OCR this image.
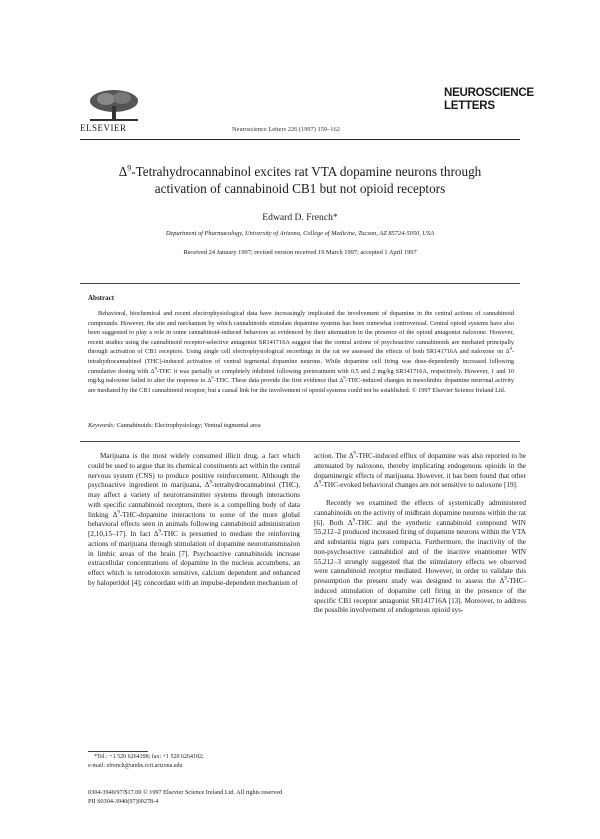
ELSEVIER	Neuroscience Letters 226 (1997) 159–162
NEUROSCIENCE
LETTERS
$\Delta^9$-Tetrahydrocannabinol excites rat VTA dopamine neurons through
activation of cannabinoid CB1 but not opioid receptors
Edward D. French*
Department of Pharmacology, University of Arizona, College of Medicine, Tucson, AZ 85724-5050, USA
Received 24 January 1997; revised version received 19 March 1997; accepted 1 April 1997
Abstract
Behavioral, biochemical and recent electrophysiological data have increasingly implicated the involvement of dopamine in the central actions of cannabinoid compounds. However, the site and mechanism by which cannabinoids stimulate dopamine systems has been somewhat controversial. Central opioid systems have also been suggested to play a role in some cannabinoid-induced behaviors as evidenced by their attenuation in the presence of the opioid antagonist naloxone. However, recent studies using the cannabinoid receptor-selective antagonist SR141716A suggest that the central actions of psychoactive cannabinoids are mediated principally through activation of CB1 receptors. Using single cell electrophysiological recordings in the rat we assessed the effects of both SR141716A and naloxone on $\Delta^9$-tetrahydrocannabinol (THC)-induced activation of ventral tegmental dopamine neurons. While dopamine cell firing was dose-dependently increased following cumulative dosing with $\Delta^9$-THC it was partially or completely inhibited following pretreatment with 0.5 and 2 mg/kg SR141716A, respectively. However, 1 and 10 mg/kg naloxone failed to alter the response to $\Delta^9$-THC. These data provide the first evidence that $\Delta^9-THC$-induced changes in mesolimbic dopamine neuronal activity are mediated by the CB1 cannabinoid receptor, but a causal link for the involvement of opioid systems could not be established. © 1997 Elsevier Science Ireland Ltd.
Keywords: Cannabinoids; Electrophysiology; Ventral tegmental area

Marijuana is the most widely consumed illicit drug, a fact which could be used to argue that its chemical constituents act within the central nervous system (CNS) to produce positive reinforcement. Although the psychoactive ingredient in marijuana, $\Delta^9$-tetrahydrocannabinol (THC), may affect a variety of neurotransmitter systems through interactions with specific cannabinoid receptors, there is a compelling body of data linking $\Delta^9-THC$-dopamine interactions to some of the more global behavioral effects seen in animals following cannabinoid administration [2,10,15–17]. In fact $\Delta^9$-THC is presumed to mediate the reinforcing actions of marijuana through stimulation of dopamine neurotransmission in limbic areas of the brain [7]. Psychoactive cannabinoids increase extracellular concentrations of dopamine in the nucleus accumbens, an effect which is tetrodotoxin sensitive, calcium dependent and enhanced by haloperidol [4]; concordant with an impulse-dependent mechanism of

action. The $\Delta^9-THC$-induced efflux of dopamine was also reported to be attenuated by naloxone, thereby implicating endogenous opioids in the dopaminergic effects of marijuana. However, it has been found that other $\Delta^9-THC$-evoked behavioral changes are not sensitive to naloxone [19].

Recently we examined the effects of systemically administered cannabinoids on the activity of midbrain dopamine neurons within the rat [6]. Both $\Delta^9$-THC and the synthetic cannabinoid compound WIN 55,212–2 produced increased firing of dopamine neurons within the VTA and substantia nigra pars compacta. Furthermore, the inactivity of the non-psychoactive cannabidiol and of the inactive enantiomer WIN 55,212–3 strongly suggested that the stimulatory effects we observed were cannabinoid receptor mediated. However, in order to validate this presumption the present study was designed to assess the $\Delta^9-THC$-induced stimulation of dopamine cell firing in the presence of the specific CB1 receptor antagonist SR141716A [13]. Moreover, to address the possible involvement of endogenous opioid sys-

*Tel.: +1 520 6264398; fax: +1 520 6264182;
e-mail: efrench@umbs.ccit.arizona.edu
0304-3940/97/$17.00 © 1997 Elsevier Science Ireland Ltd. All rights reserved
PII S0304-3940(97)00278-4
